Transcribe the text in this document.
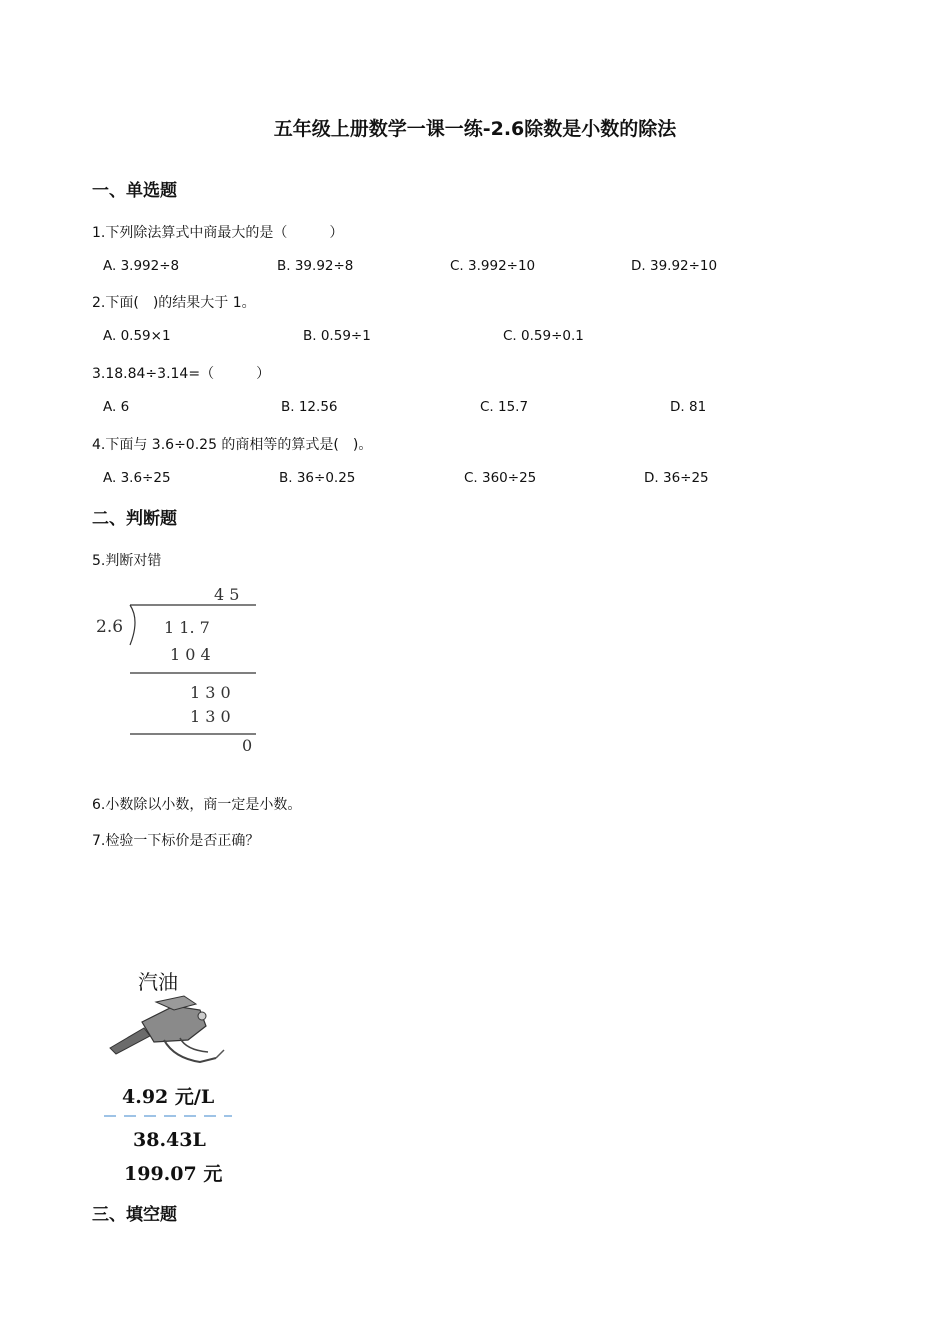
五年级上册数学一课一练-2.6除数是小数的除法
一、单选题
1.下列除法算式中商最大的是（　　　）
A. 3.992÷8	B. 39.92÷8	C. 3.992÷10	D. 39.92÷10
2.下面(　)的结果大于 1。
A. 0.59×1	B. 0.59÷1	C. 0.59÷0.1
3.18.84÷3.14=（　　　）
A. 6	B. 12.56	C. 15.7	D. 81
4.下面与 3.6÷0.25 的商相等的算式是(　)。
A. 3.6÷25	B. 36÷0.25	C. 360÷25	D. 36÷25
二、判断题
5.判断对错
4 5
2.6	1 1. 7
1 0 4
1 3 0
1 3 0
0
6.小数除以小数，商一定是小数。
7.检验一下标价是否正确？
汽油
4.92 元/L
38.43L
199.07 元
三、填空题
